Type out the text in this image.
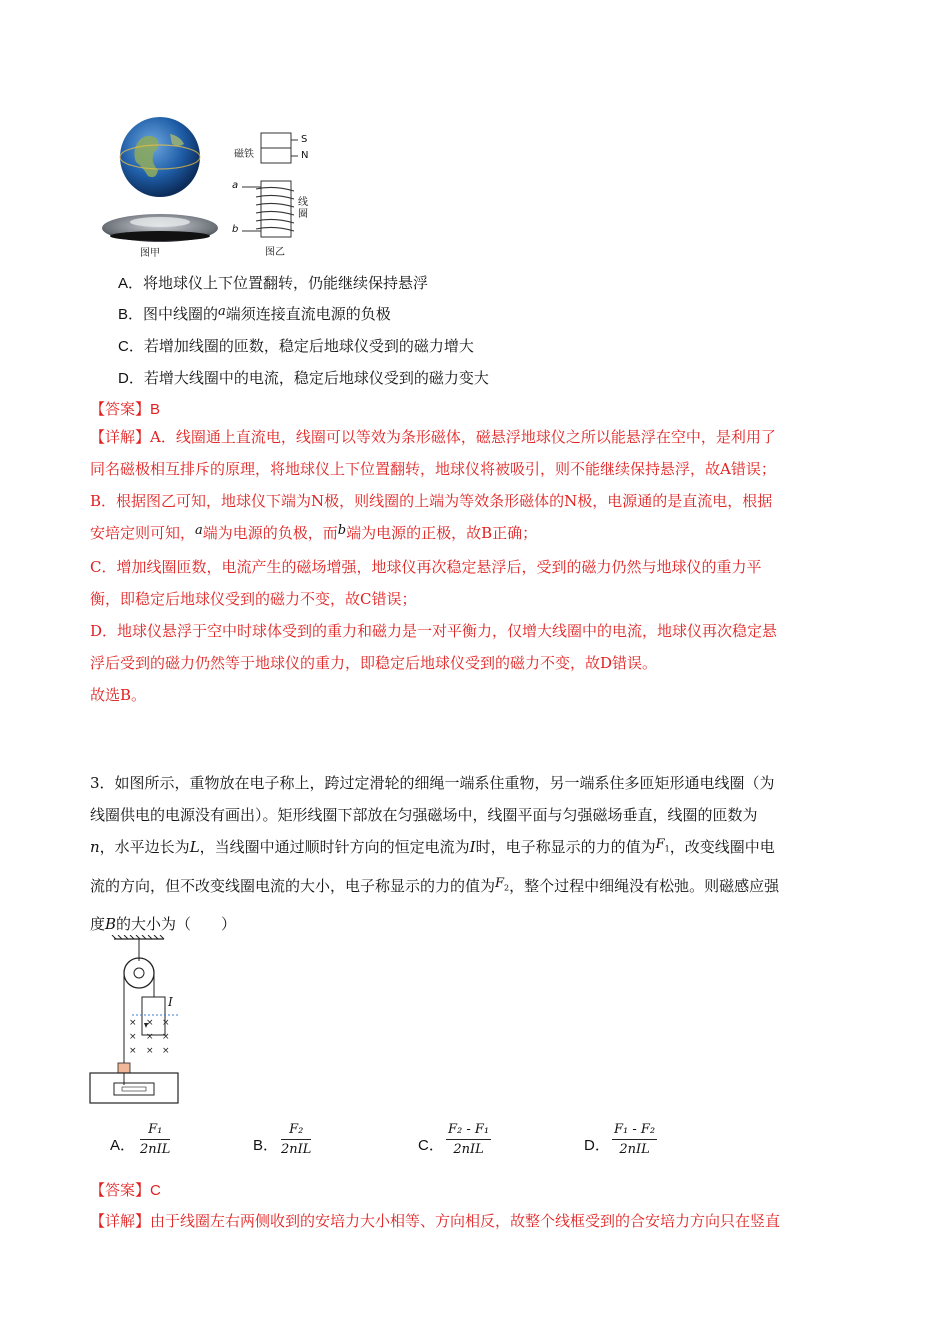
图甲
磁铁
S
N
a
b
线圈
图乙
A．将地球仪上下位置翻转，仍能继续保持悬浮
B．图中线圈的a端须连接直流电源的负极
C．若增加线圈的匝数，稳定后地球仪受到的磁力增大
D．若增大线圈中的电流，稳定后地球仪受到的磁力变大
【答案】B
【详解】A．线圈通上直流电，线圈可以等效为条形磁体，磁悬浮地球仪之所以能悬浮在空中，是利用了
同名磁极相互排斥的原理，将地球仪上下位置翻转，地球仪将被吸引，则不能继续保持悬浮，故A错误；
B．根据图乙可知，地球仪下端为N极，则线圈的上端为等效条形磁体的N极，电源通的是直流电，根据
安培定则可知，a端为电源的负极，而b端为电源的正极，故B正确；
C．增加线圈匝数，电流产生的磁场增强，地球仪再次稳定悬浮后，受到的磁力仍然与地球仪的重力平
衡，即稳定后地球仪受到的磁力不变，故C错误；
D．地球仪悬浮于空中时球体受到的重力和磁力是一对平衡力，仅增大线圈中的电流，地球仪再次稳定悬
浮后受到的磁力仍然等于地球仪的重力，即稳定后地球仪受到的磁力不变，故D错误。
故选B。
3．如图所示，重物放在电子称上，跨过定滑轮的细绳一端系住重物，另一端系住多匝矩形通电线圈（为
线圈供电的电源没有画出）。矩形线圈下部放在匀强磁场中，线圈平面与匀强磁场垂直，线圈的匝数为
n，水平边长为L，当线圈中通过顺时针方向的恒定电流为I时，电子称显示的力的值为$F_1$，改变线圈中电
流的方向，但不改变线圈电流的大小，电子称显示的力的值为$F_2$，整个过程中细绳没有松弛。则磁感应强
度B的大小为（　　）
× × ×
× × ×
× × ×
I
A．
F₁
2nIL	B．
F₂
2nIL	C．
F₂ - F₁
2nIL	D．
F₁ - F₂
2nIL
【答案】C
【详解】由于线圈左右两侧收到的安培力大小相等、方向相反，故整个线框受到的合安培力方向只在竖直
